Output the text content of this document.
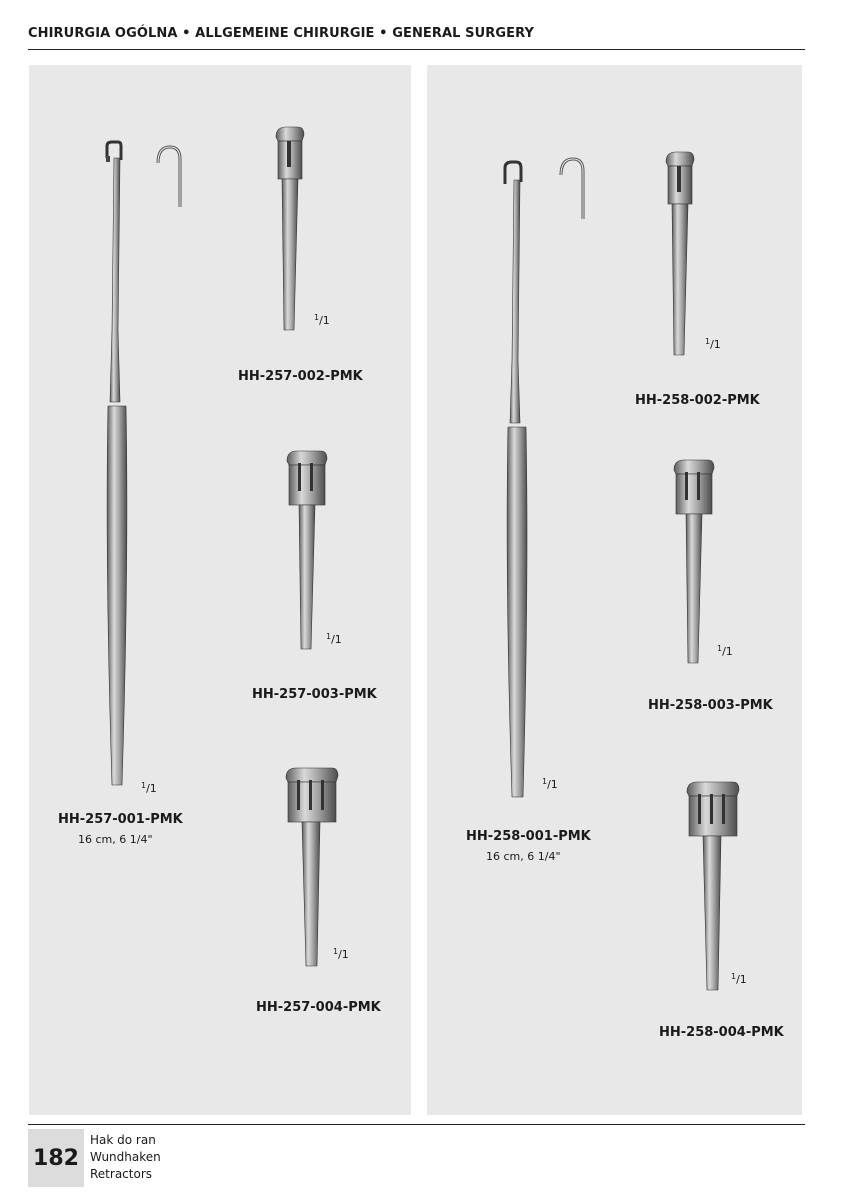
CHIRURGIA OGÓLNA • ALLGEMEINE CHIRURGIE • GENERAL SURGERY
$^1$/1
HH-257-001-PMK
16 cm, 6 1/4"
$^1$/1
HH-257-002-PMK
$^1$/1
HH-257-003-PMK
$^1$/1
HH-257-004-PMK
$^1$/1
HH-258-001-PMK
16 cm, 6 1/4"
$^1$/1
HH-258-002-PMK
$^1$/1
HH-258-003-PMK
$^1$/1
HH-258-004-PMK
182
Hak do ran
Wundhaken
Retractors
